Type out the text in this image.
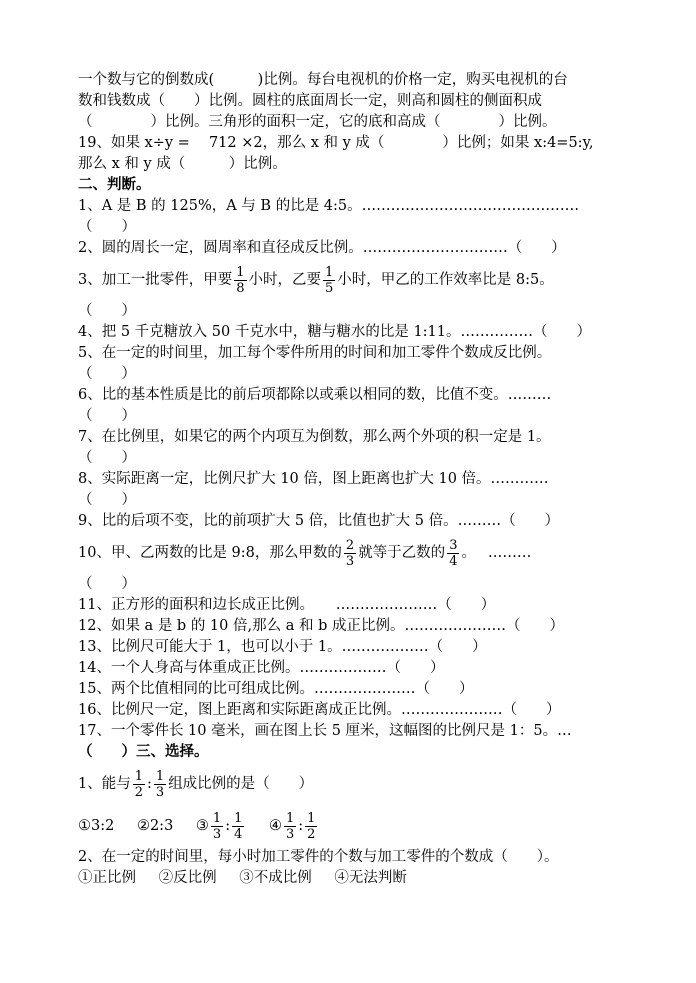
一个数与它的倒数成(　　　)比例。每台电视机的价格一定，购买电视机的台
数和钱数成（　　）比例。圆柱的底面周长一定，则高和圆柱的侧面积成
（　　　　）比例。三角形的面积一定，它的底和高成（　　　　）比例。
19、如果 x÷y =　 712 ×2，那么 x 和 y 成（　　　　）比例；如果 x:4=5:y,
那么 x 和 y 成（　　　）比例。
二、判断。
1、A 是 B 的 125%，A 与 B 的比是 4:5。………………………………………
（　　）
2、圆的周长一定，圆周率和直径成反比例。…………………………（　　）
3、加工一批零件，甲要 $\frac{1}{8}$ 小时，乙要 $\frac{1}{5}$ 小时，甲乙的工作效率比是 8:5。
（　　）
4、把 5 千克糖放入 50 千克水中，糖与糖水的比是 1:11。……………（　　）
5、在一定的时间里，加工每个零件所用的时间和加工零件个数成反比例。
（　　）
6、比的基本性质是比的前后项都除以或乘以相同的数，比值不变。………
（　　）
7、在比例里，如果它的两个内项互为倒数，那么两个外项的积一定是 1。
（　　）
8、实际距离一定，比例尺扩大 10 倍，图上距离也扩大 10 倍。…………
（　　）
9、比的后项不变，比的前项扩大 5 倍，比值也扩大 5 倍。………（　　）
10、甲、乙两数的比是 9:8，那么甲数的 $\frac{2}{3}$ 就等于乙数的 $\frac{3}{4}$ 。　 ………
（　　）
11、正方形的面积和边长成正比例。　　…………………（　　）
12、如果 a 是 b 的 10 倍,那么 a 和 b 成正比例。…………………（　　）
13、比例尺可能大于 1，也可以小于 1。………………（　　）
14、一个人身高与体重成正比例。………………（　　）
15、两个比值相同的比可组成比例。…………………（　　）
16、比例尺一定，图上距离和实际距离成正比例。…………………（　　）
17、一个零件长 10 毫米，画在图上长 5 厘米，这幅图的比例尺是 1：5。…
（　　）三、选择。
1、能与 $\frac{1}{2}$ : $\frac{1}{3}$ 组成比例的是（　　）
①3:2 ②2:3 ③ $\frac{1}{3}$ : $\frac{1}{4}$ ④ $\frac{1}{3}$ : $\frac{1}{2}$
2、在一定的时间里，每小时加工零件的个数与加工零件的个数成（　　）。
①正比例 ②反比例 ③不成比例 ④无法判断
